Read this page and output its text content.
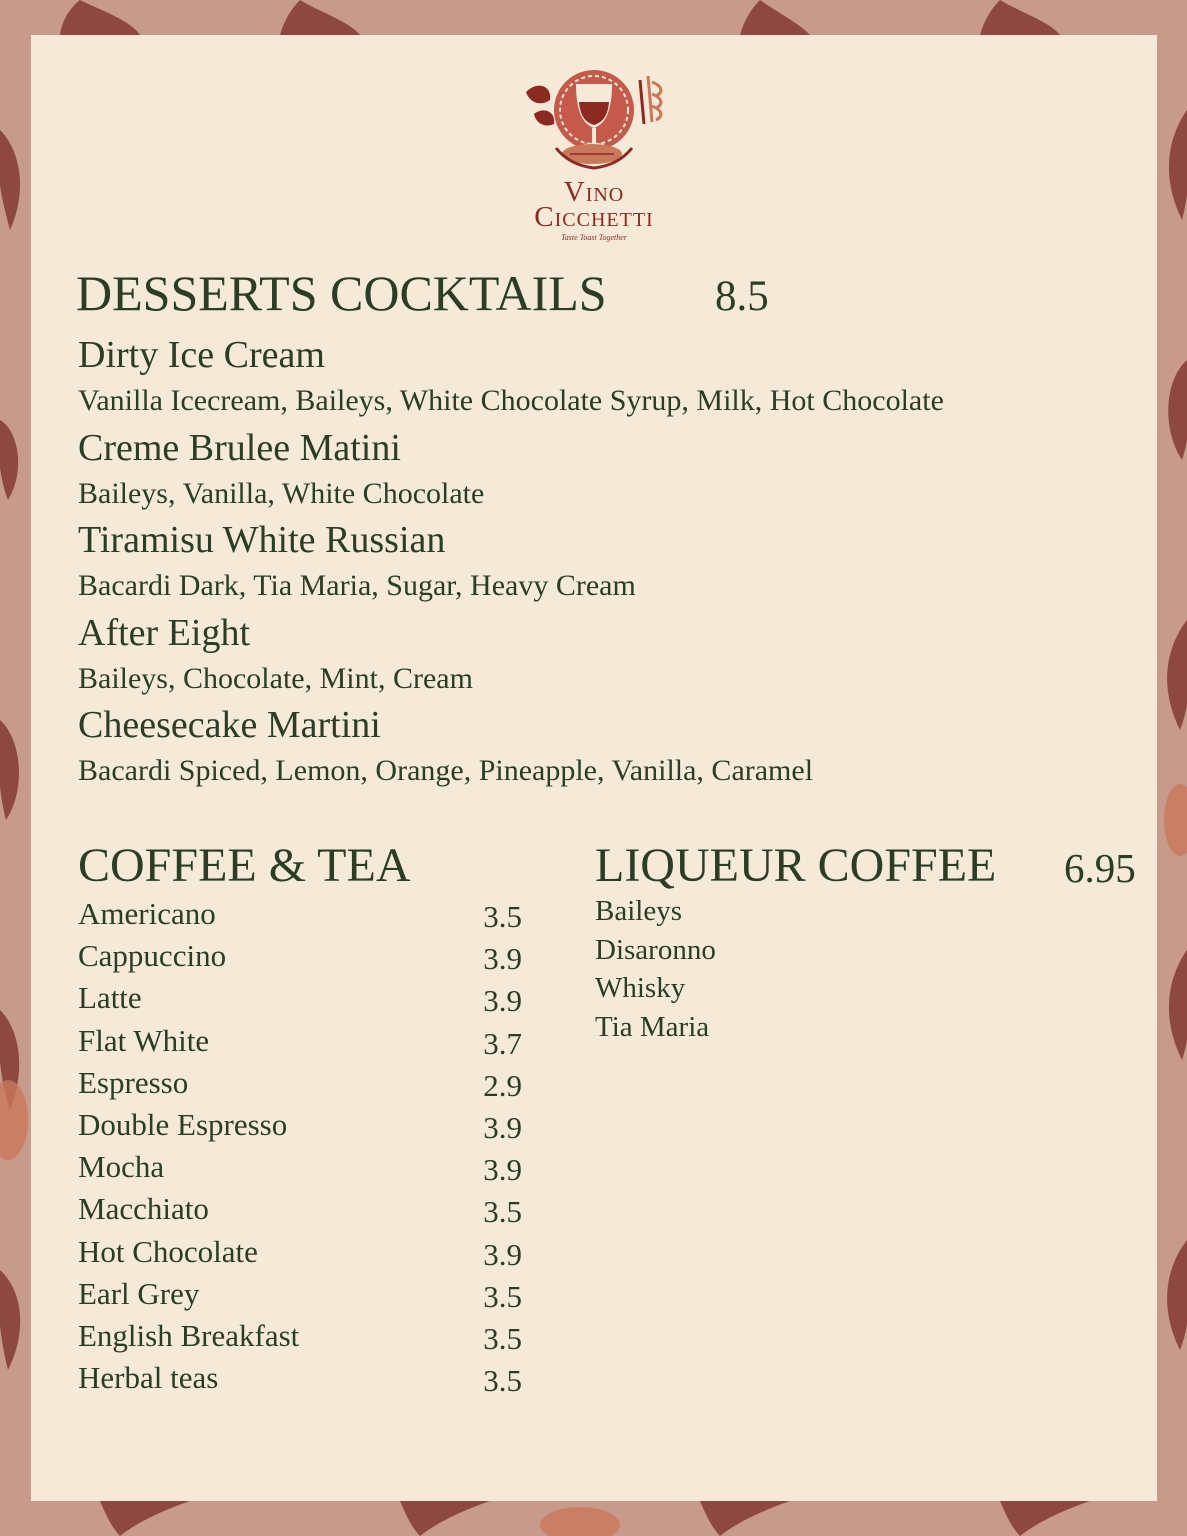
Vino
Cicchetti
Taste Toast Together
DESSERTS COCKTAILS	8.5
Dirty Ice Cream
Vanilla Icecream, Baileys, White Chocolate Syrup, Milk, Hot Chocolate
Creme Brulee Matini
Baileys, Vanilla, White Chocolate
Tiramisu White Russian
Bacardi Dark, Tia Maria, Sugar, Heavy Cream
After Eight
Baileys, Chocolate, Mint, Cream
Cheesecake Martini
Bacardi Spiced, Lemon, Orange, Pineapple, Vanilla, Caramel
COFFEE & TEA
Americano	3.5
Cappuccino	3.9
Latte	3.9
Flat White	3.7
Espresso	2.9
Double Espresso	3.9
Mocha	3.9
Macchiato	3.5
Hot Chocolate	3.9
Earl Grey	3.5
English Breakfast	3.5
Herbal teas	3.5
LIQUEUR COFFEE 6.95
Baileys
Disaronno
Whisky
Tia Maria
